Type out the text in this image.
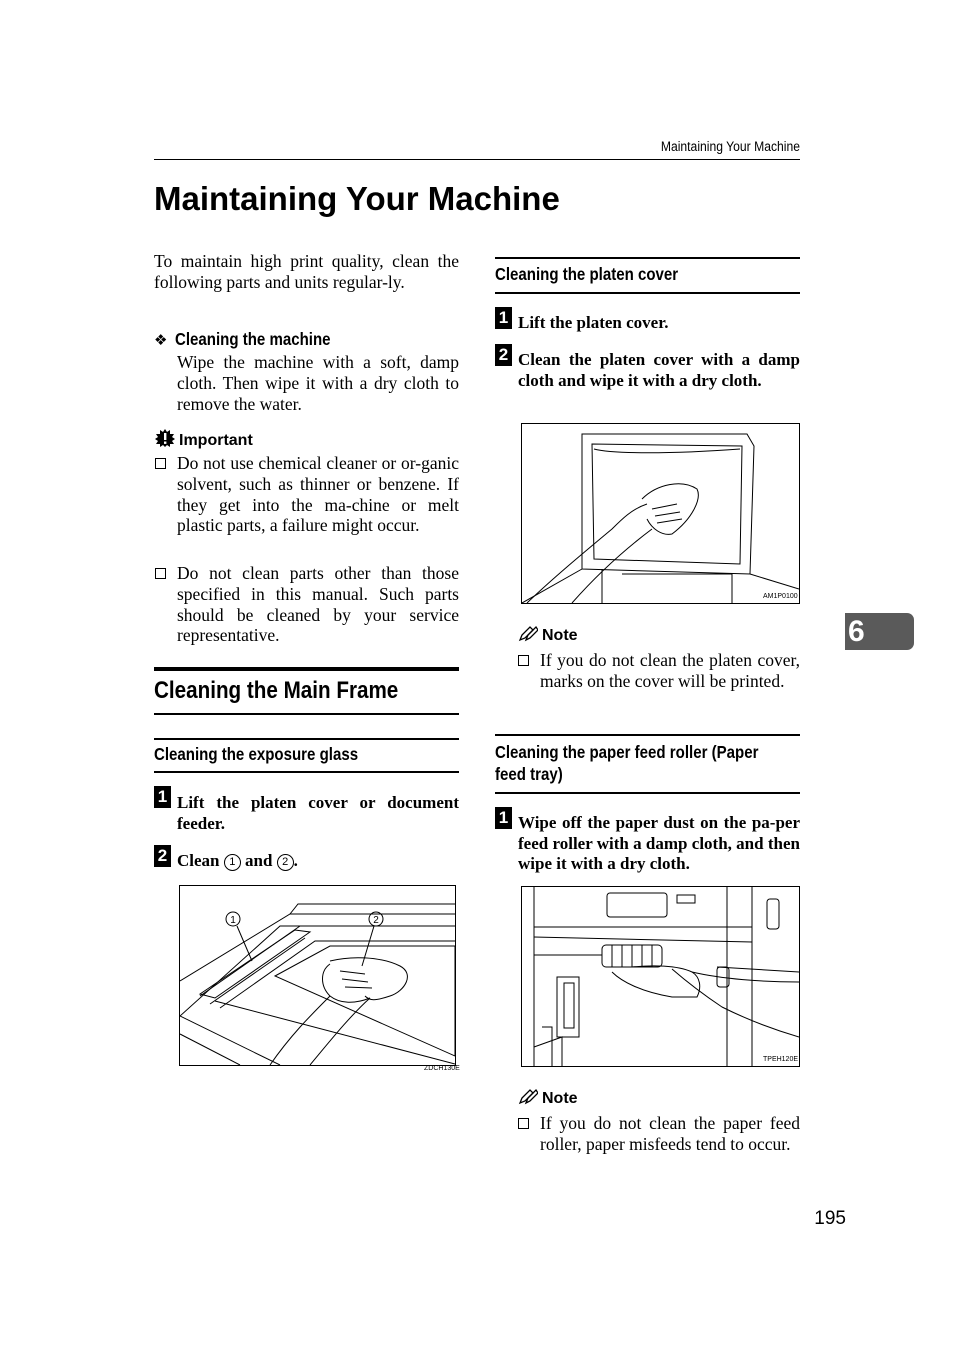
Maintaining Your Machine
Maintaining Your Machine
To maintain high print quality, clean the following parts and units regular-ly.
❖ Cleaning the machine
Wipe the machine with a soft, damp cloth. Then wipe it with a dry cloth to remove the water.
Important
Do not use chemical cleaner or or-ganic solvent, such as thinner or benzene. If they get into the ma-chine or melt plastic parts, a failure might occur.
Do not clean parts other than those specified in this manual. Such parts should be cleaned by your service representative.
Cleaning the Main Frame
Cleaning the exposure glass
1 Lift the platen cover or document feeder.
2 Clean 1 and 2 .
1	2
ZDCH130E
Cleaning the platen cover
1 Lift the platen cover.
2 Clean the platen cover with a damp cloth and wipe it with a dry cloth.
AM1P0100
Note
If you do not clean the platen cover, marks on the cover will be printed.
Cleaning the paper feed roller (Paper
feed tray)
1 Wipe off the paper dust on the pa-per feed roller with a damp cloth, and then wipe it with a dry cloth.
TPEH120E
Note
If you do not clean the paper feed roller, paper misfeeds tend to occur.
6
195
